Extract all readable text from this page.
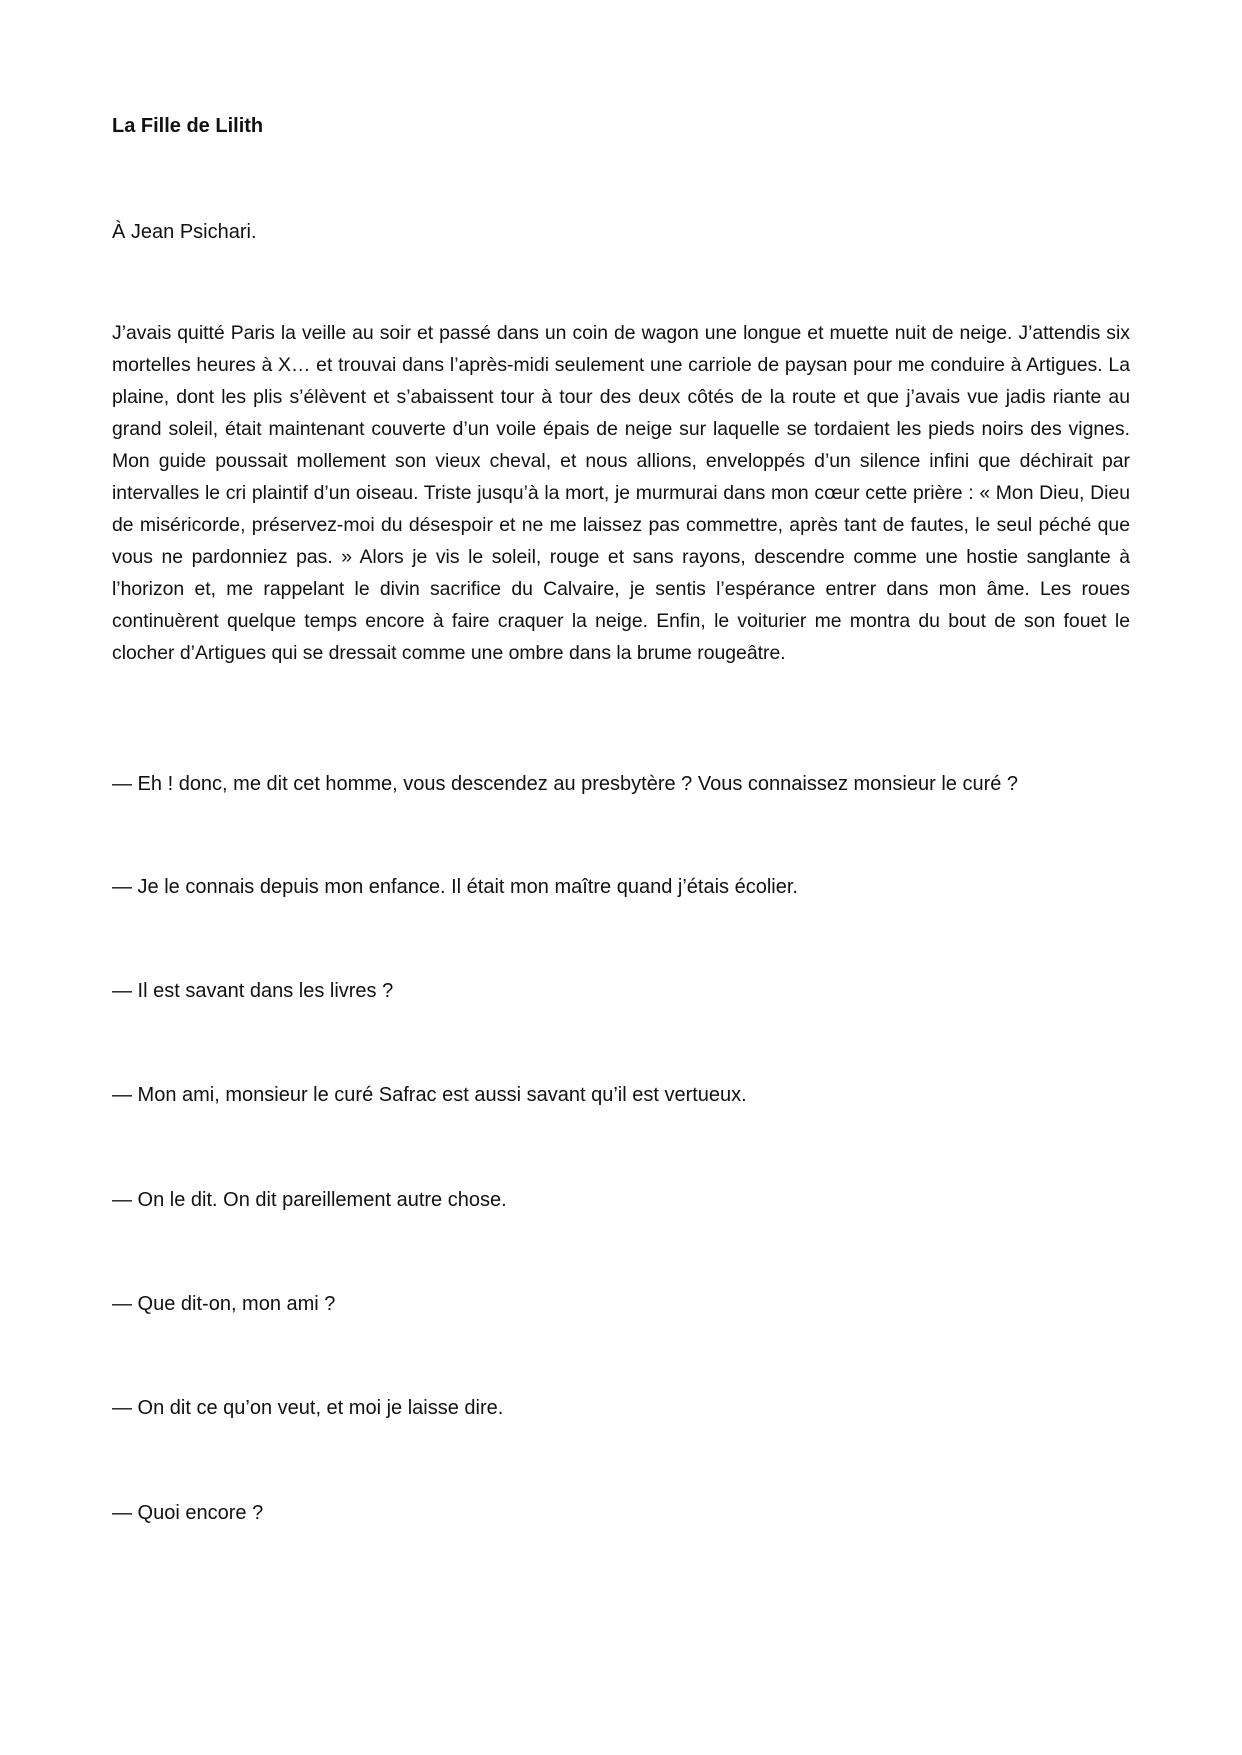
La Fille de Lilith
À Jean Psichari.

J’avais quitté Paris la veille au soir et passé dans un coin de wagon une longue et muette nuit de neige. J’attendis six mortelles heures à X… et trouvai dans l’après-midi seulement une carriole de paysan pour me conduire à Artigues. La plaine, dont les plis s’élèvent et s’abaissent tour à tour des deux côtés de la route et que j’avais vue jadis riante au grand soleil, était maintenant couverte d’un voile épais de neige sur laquelle se tordaient les pieds noirs des vignes. Mon guide poussait mollement son vieux cheval, et nous allions, enveloppés d’un silence infini que déchirait par intervalles le cri plaintif d’un oiseau. Triste jusqu’à la mort, je murmurai dans mon cœur cette prière : « Mon Dieu, Dieu de miséricorde, préservez-moi du désespoir et ne me laissez pas commettre, après tant de fautes, le seul péché que vous ne pardonniez pas. » Alors je vis le soleil, rouge et sans rayons, descendre comme une hostie sanglante à l’horizon et, me rappelant le divin sacrifice du Calvaire, je sentis l’espérance entrer dans mon âme. Les roues continuèrent quelque temps encore à faire craquer la neige. Enfin, le voiturier me montra du bout de son fouet le clocher d’Artigues qui se dressait comme une ombre dans la brume rougeâtre.

— Eh ! donc, me dit cet homme, vous descendez au presbytère ? Vous connaissez monsieur le curé ?

— Je le connais depuis mon enfance. Il était mon maître quand j’étais écolier.

— Il est savant dans les livres ?

— Mon ami, monsieur le curé Safrac est aussi savant qu’il est vertueux.

— On le dit. On dit pareillement autre chose.

— Que dit-on, mon ami ?

— On dit ce qu’on veut, et moi je laisse dire.

— Quoi encore ?
